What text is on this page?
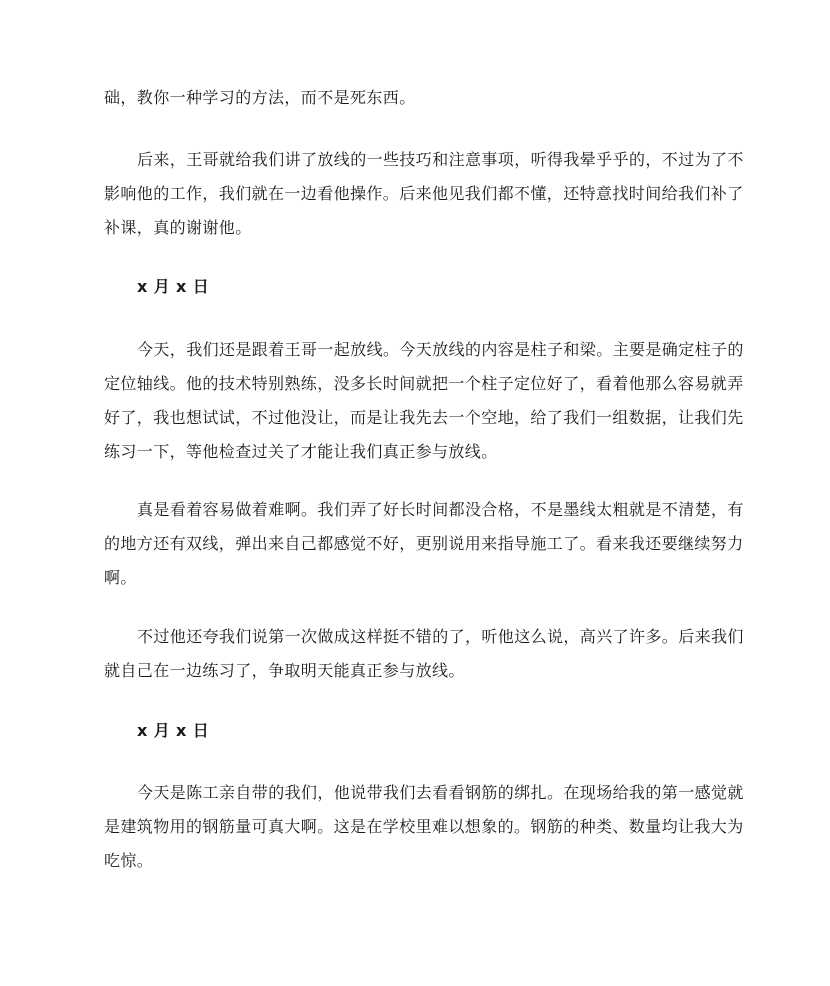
础，教你一种学习的方法，而不是死东西。
后来，王哥就给我们讲了放线的一些技巧和注意事项，听得我晕乎乎的，不过为了不
影响他的工作，我们就在一边看他操作。后来他见我们都不懂，还特意找时间给我们补了
补课，真的谢谢他。
x 月 x 日
今天，我们还是跟着王哥一起放线。今天放线的内容是柱子和梁。主要是确定柱子的
定位轴线。他的技术特别熟练，没多长时间就把一个柱子定位好了，看着他那么容易就弄
好了，我也想试试，不过他没让，而是让我先去一个空地，给了我们一组数据，让我们先
练习一下，等他检查过关了才能让我们真正参与放线。
真是看着容易做着难啊。我们弄了好长时间都没合格，不是墨线太粗就是不清楚，有
的地方还有双线，弹出来自己都感觉不好，更别说用来指导施工了。看来我还要继续努力
啊。
不过他还夸我们说第一次做成这样挺不错的了，听他这么说，高兴了许多。后来我们
就自己在一边练习了，争取明天能真正参与放线。
x 月 x 日
今天是陈工亲自带的我们，他说带我们去看看钢筋的绑扎。在现场给我的第一感觉就
是建筑物用的钢筋量可真大啊。这是在学校里难以想象的。钢筋的种类、数量均让我大为
吃惊。
